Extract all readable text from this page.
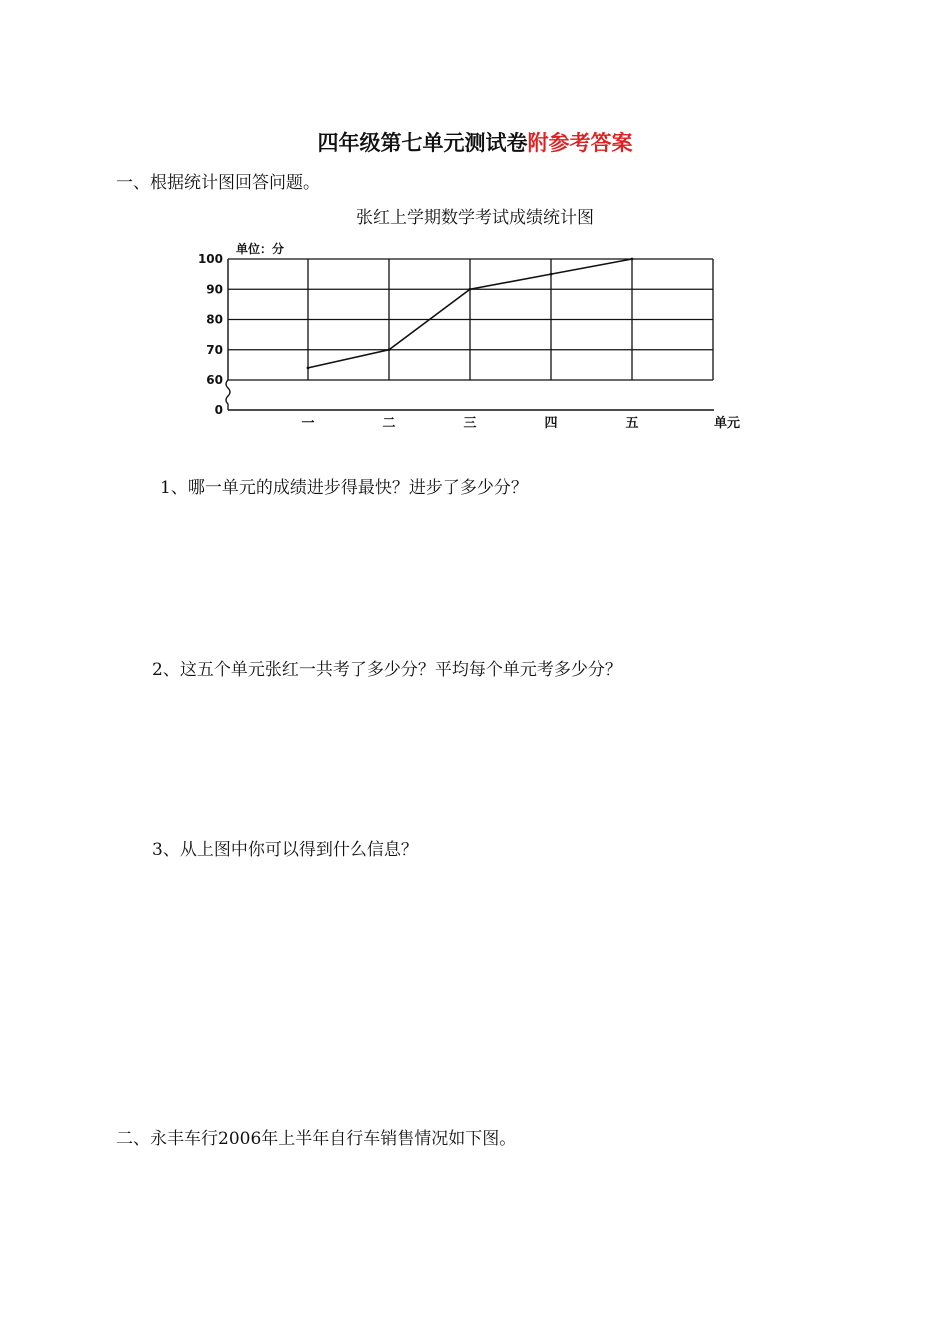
四年级第七单元测试卷附参考答案
一、根据统计图回答问题。
张红上学期数学考试成绩统计图
0
60
70
80
90
100
单位：分
一	二	三	四	五	单元
1、哪一单元的成绩进步得最快？进步了多少分？
2、这五个单元张红一共考了多少分？平均每个单元考多少分？
3、从上图中你可以得到什么信息？
二、永丰车行2006年上半年自行车销售情况如下图。
